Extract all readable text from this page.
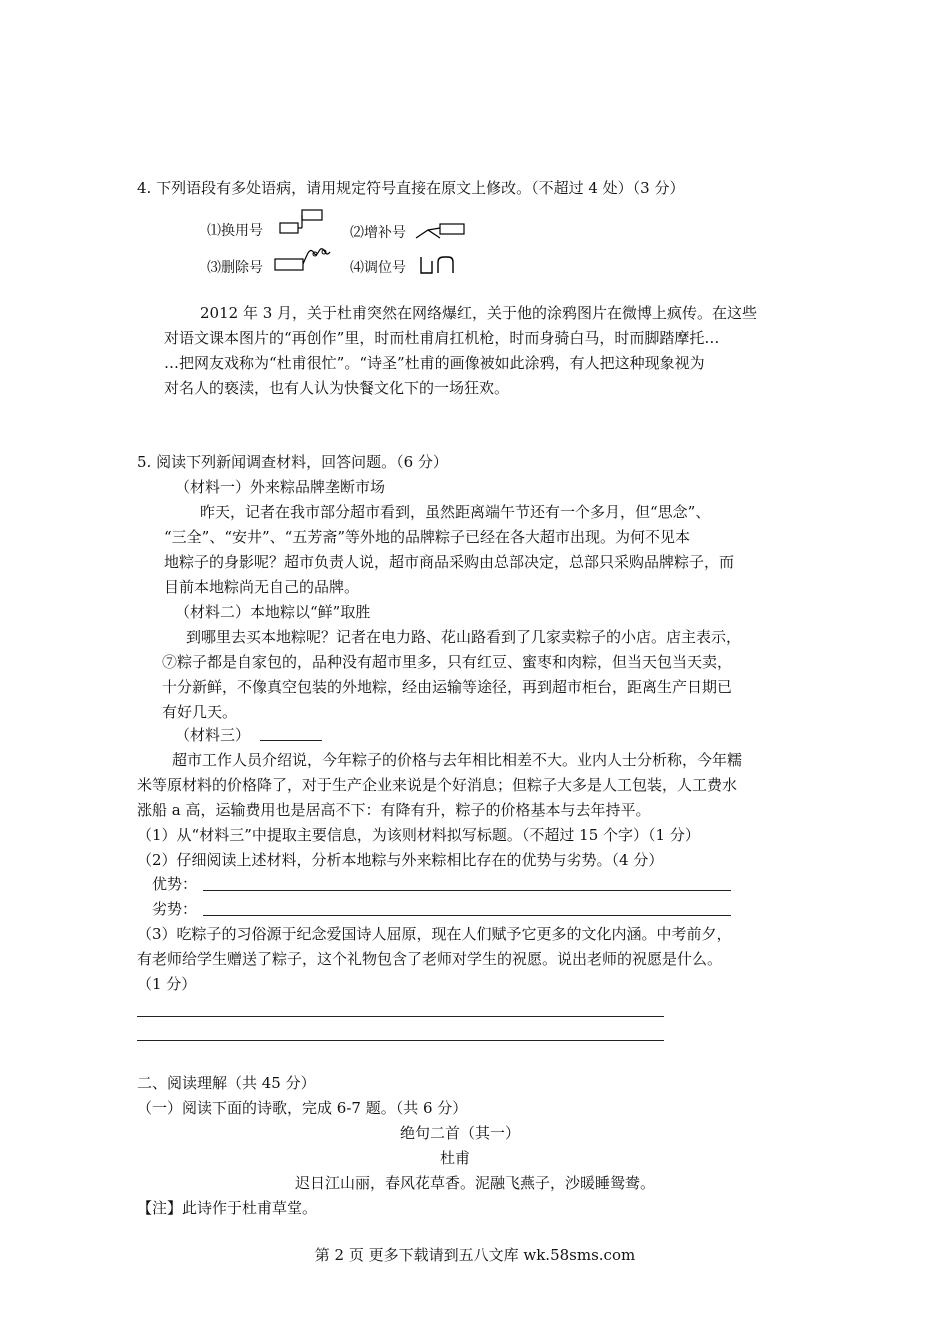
4. 下列语段有多处语病，请用规定符号直接在原文上修改。（不超过 4 处）（3 分）
⑴换用号	⑵增补号
⑶删除号	⑷调位号
2012 年 3 月，关于杜甫突然在网络爆红，关于他的涂鸦图片在微博上疯传。在这些
对语文课本图片的“再创作”里，时而杜甫肩扛机枪，时而身骑白马，时而脚踏摩托…
…把网友戏称为“杜甫很忙”。“诗圣”杜甫的画像被如此涂鸦，有人把这种现象视为
对名人的亵渎，也有人认为快餐文化下的一场狂欢。
5. 阅读下列新闻调查材料，回答问题。（6 分）
（材料一）外来粽品牌垄断市场
昨天，记者在我市部分超市看到，虽然距离端午节还有一个多月，但“思念”、
“三全”、“安井”、“五芳斋”等外地的品牌粽子已经在各大超市出现。为何不见本
地粽子的身影呢？超市负责人说，超市商品采购由总部决定，总部只采购品牌粽子，而
目前本地粽尚无自己的品牌。
（材料二）本地粽以“鲜”取胜
到哪里去买本地粽呢？记者在电力路、花山路看到了几家卖粽子的小店。店主表示，
⑦粽子都是自家包的，品种没有超市里多，只有红豆、蜜枣和肉粽，但当天包当天卖，
十分新鲜，不像真空包装的外地粽，经由运输等途径，再到超市柜台，距离生产日期已
有好几天。
（材料三）
超市工作人员介绍说，今年粽子的价格与去年相比相差不大。业内人士分析称，今年糯
米等原材料的价格降了，对于生产企业来说是个好消息；但粽子大多是人工包装，人工费水
涨船 a 高，运输费用也是居高不下：有降有升，粽子的价格基本与去年持平。
（1）从“材料三”中提取主要信息，为该则材料拟写标题。（不超过 15 个字）（1 分）
（2）仔细阅读上述材料，分析本地粽与外来粽相比存在的优势与劣势。（4 分）
优势：
劣势：
（3）吃粽子的习俗源于纪念爱国诗人屈原，现在人们赋予它更多的文化内涵。中考前夕，
有老师给学生赠送了粽子，这个礼物包含了老师对学生的祝愿。说出老师的祝愿是什么。
（1 分）
二、阅读理解（共 45 分）
（一）阅读下面的诗歌，完成 6-7 题。（共 6 分）
绝句二首（其一）
杜甫
迟日江山丽，春风花草香。泥融飞燕子，沙暖睡鸳鸯。
【注】此诗作于杜甫草堂。
第 2 页 更多下载请到五八文库 wk.58sms.com
